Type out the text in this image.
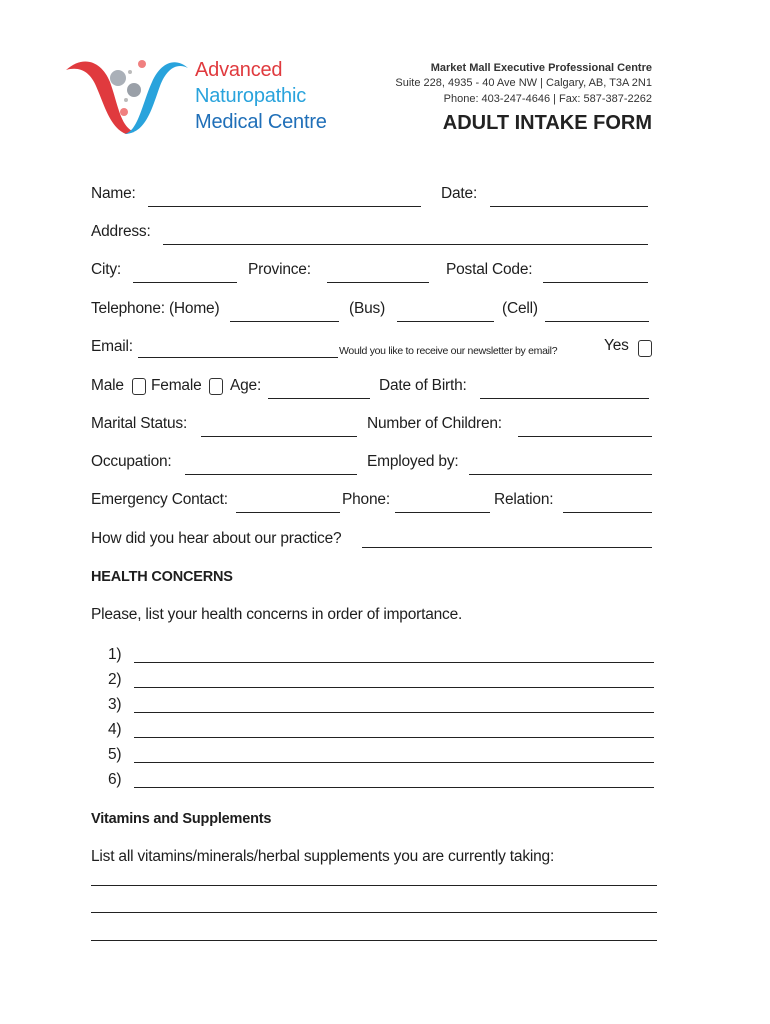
Advanced
Naturopathic
Medical Centre
Market Mall Executive Professional Centre
Suite 228, 4935 - 40 Ave NW | Calgary, AB, T3A 2N1
Phone: 403-247-4646 | Fax: 587-387-2262
ADULT INTAKE FORM
Name:	Date:
Address:
City:	Province:	Postal Code:
Telephone: (Home)	(Bus)	(Cell)
Email:	Would you like to receive our newsletter by email?	Yes
Male Female Age:	Date of Birth:
Marital Status:	Number of Children:
Occupation:	Employed by:
Emergency Contact:	Phone:	Relation:
How did you hear about our practice?
HEALTH CONCERNS
Please, list your health concerns in order of importance.
1)
2)
3)
4)
5)
6)
Vitamins and Supplements
List all vitamins/minerals/herbal supplements you are currently taking:
